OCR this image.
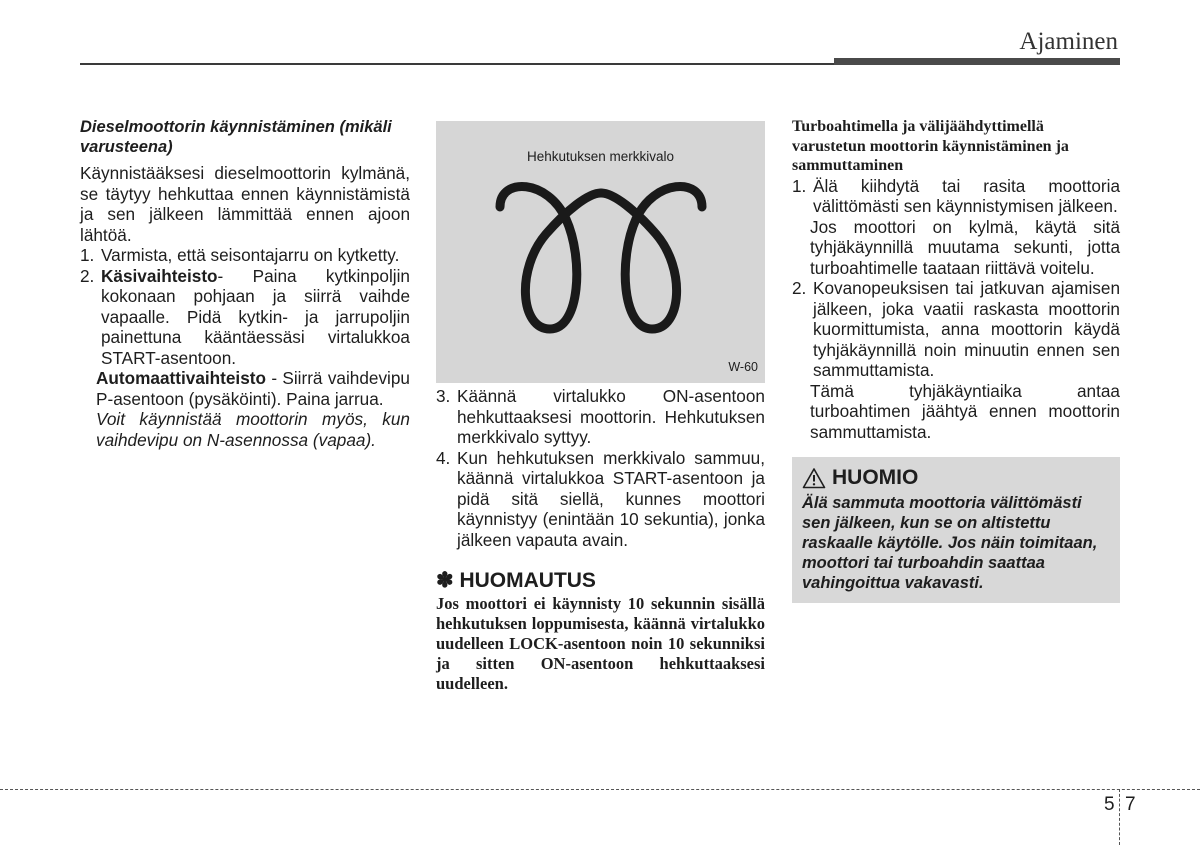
Ajaminen

Dieselmoottorin käynnistäminen (mikäli varusteena)

Käynnistääksesi dieselmoottorin kylmänä, se täytyy hehkuttaa ennen käynnistämistä ja sen jälkeen lämmittää ennen ajoon lähtöä.

1. Varmista, että seisontajarru on kytketty.
2. Käsivaihteisto- Paina kytkinpoljin kokonaan pohjaan ja siirrä vaihde vapaalle. Pidä kytkin- ja jarrupoljin painettuna kääntäessäsi virtalukkoa START-asentoon.

Automaattivaihteisto - Siirrä vaihdevipu P-asentoon (pysäköinti). Paina jarrua.

Voit käynnistää moottorin myös, kun vaihdevipu on N-asennossa (vapaa).

Hehkutuksen merkkivalo
W-60
3. Käännä virtalukko ON-asentoon hehkuttaaksesi moottorin. Hehkutuksen merkkivalo syttyy.
4. Kun hehkutuksen merkkivalo sammuu, käännä virtalukkoa START-asentoon ja pidä sitä siellä, kunnes moottori käynnistyy (enintään 10 sekuntia), jonka jälkeen vapauta avain.
✽ HUOMAUTUS

Jos moottori ei käynnisty 10 sekunnin sisällä hehkutuksen loppumisesta, käännä virtalukko uudelleen LOCK-asentoon noin 10 sekunniksi ja sitten ON-asentoon hehkuttaaksesi uudelleen.

Turboahtimella ja välijäähdyttimellä varustetun moottorin käynnistäminen ja sammuttaminen

1. Älä kiihdytä tai rasita moottoria välittömästi sen käynnistymisen jälkeen.

Jos moottori on kylmä, käytä sitä tyhjäkäynnillä muutama sekunti, jotta turboahtimelle taataan riittävä voitelu.

2. Kovanopeuksisen tai jatkuvan ajamisen jälkeen, joka vaatii raskasta moottorin kuormittumista, anna moottorin käydä tyhjäkäynnillä noin minuutin ennen sen sammuttamista.

Tämä tyhjäkäyntiaika antaa turboahtimen jäähtyä ennen moottorin sammuttamista.

HUOMIO

Älä sammuta moottoria välittömästi sen jälkeen, kun se on altistettu raskaalle käytölle. Jos näin toimitaan, moottori tai turboahdin saattaa vahingoittua vakavasti.

5 7
